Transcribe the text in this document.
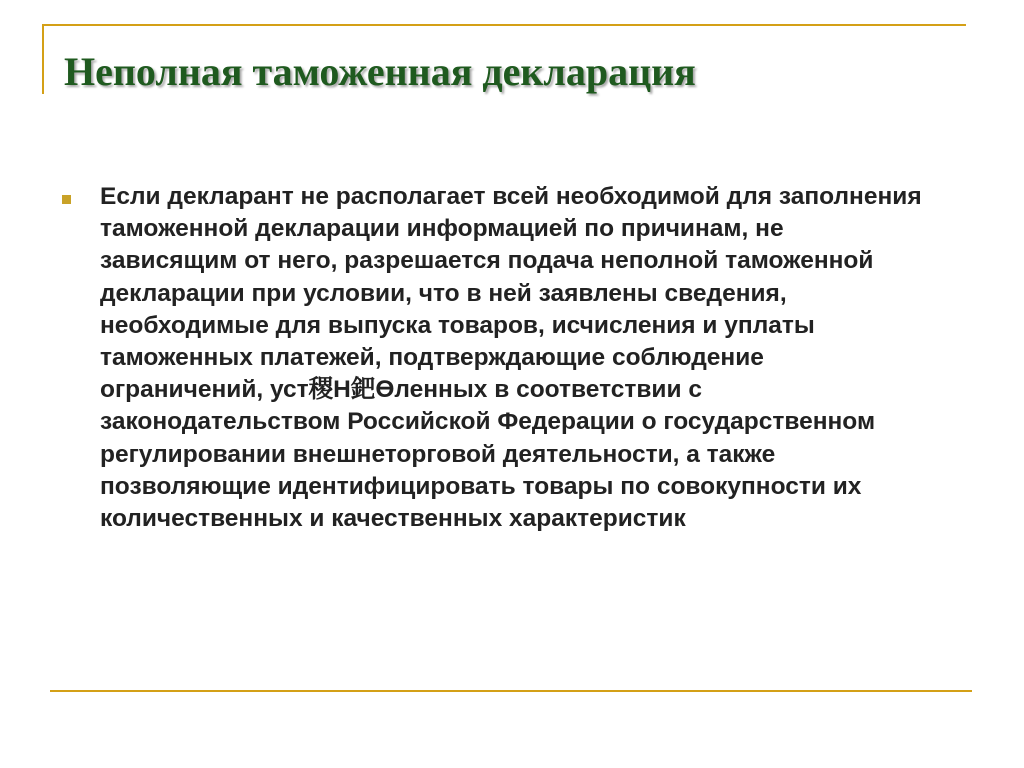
Неполная таможенная декларация

Если декларант не располагает всей необходимой для заполнения таможенной декларации информацией по причинам, не зависящим от него, разрешается подача неполной таможенной декларации при условии, что в ней заявлены сведения, необходимые для выпуска товаров, исчисления и уплаты таможенных платежей, подтверждающие соблюдение ограничений, уст稷Н鈀Өленных в соответствии с законодательством Российской Федерации о государственном регулировании внешнеторговой деятельности, а также позволяющие идентифицировать товары по совокупности их количественных и качественных характеристик
